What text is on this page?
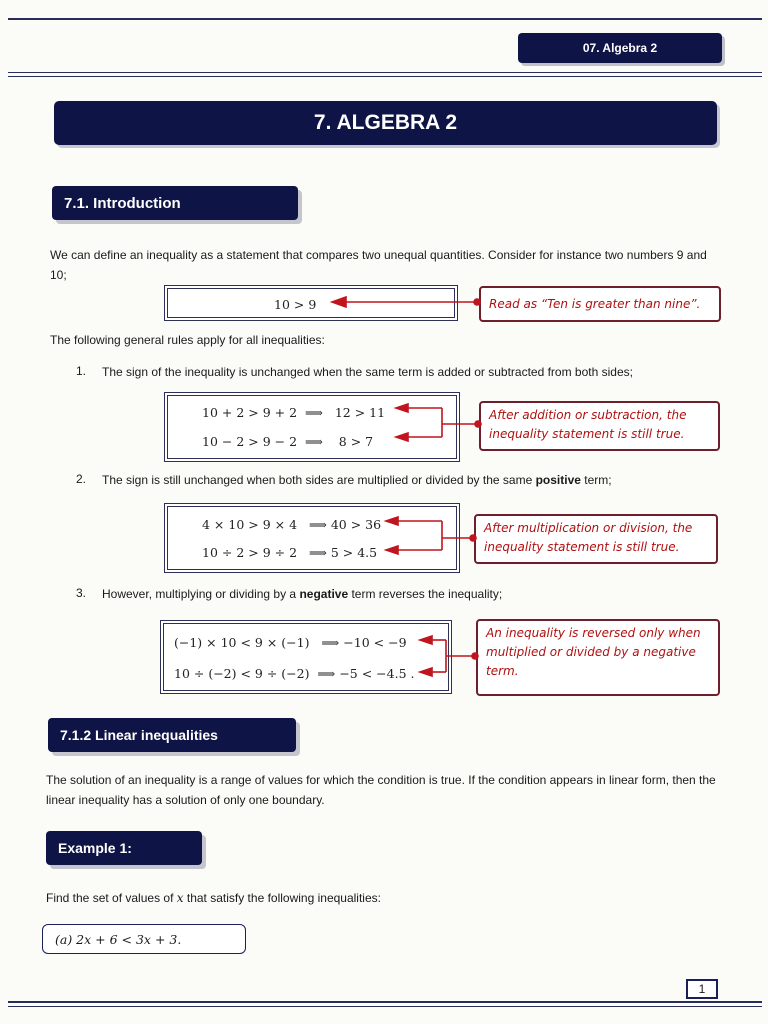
07. Algebra 2
7. ALGEBRA 2
7.1. Introduction
We can define an inequality as a statement that compares two unequal quantities. Consider for instance two numbers 9 and 10;
10 > 9	Read as “Ten is greater than nine”.
The following general rules apply for all inequalities:
1. The sign of the inequality is unchanged when the same term is added or subtracted from both sides;
10 + 2 > 9 + 2  ⟹   12 > 11
10 − 2 > 9 − 2  ⟹    8 > 7
After addition or subtraction, the inequality statement is still true.
2. The sign is still unchanged when both sides are multiplied or divided by the same positive term;
4 × 10 > 9 × 4   ⟹ 40 > 36
10 ÷ 2 > 9 ÷ 2   ⟹ 5 > 4.5
After multiplication or division, the inequality statement is still true.
3. However, multiplying or dividing by a negative term reverses the inequality;
(−1) × 10 < 9 × (−1)   ⟹ −10 < −9
10 ÷ (−2) < 9 ÷ (−2)  ⟹ −5 < −4.5 .
An inequality is reversed only when multiplied or divided by a negative term.
7.1.2 Linear inequalities
The solution of an inequality is a range of values for which the condition is true. If the condition appears in linear form, then the linear inequality has a solution of only one boundary.
Example 1:
Find the set of values of x that satisfy the following inequalities:
(a) 2x + 6 < 3x + 3.
1
